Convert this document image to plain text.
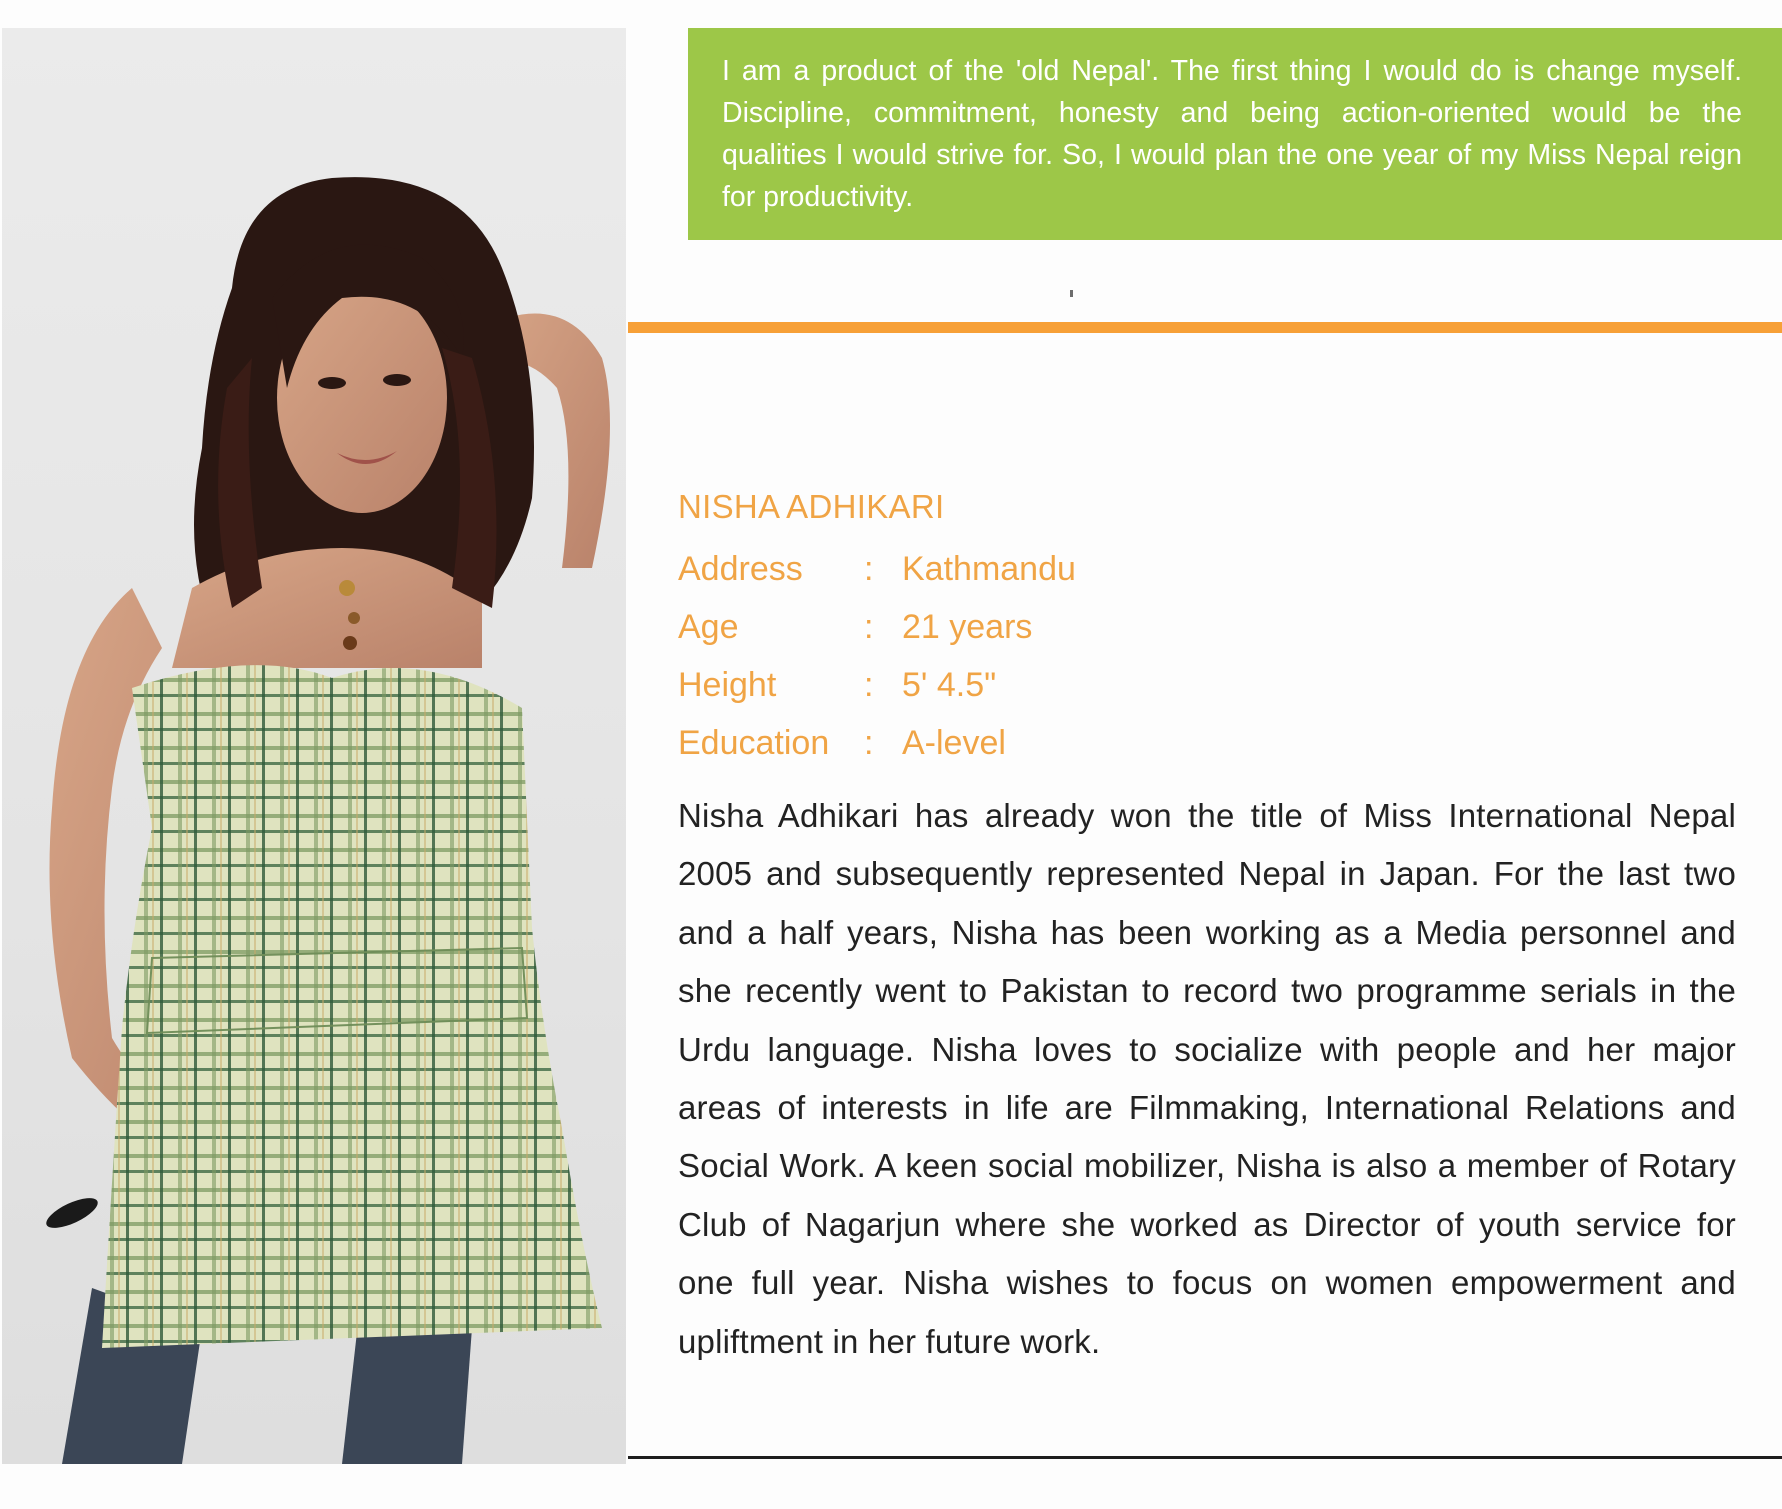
I am a product of the 'old Nepal'. The first thing I would do is change myself. Discipline, commitment, honesty and being action-oriented would be the qualities I would strive for. So, I would plan the one year of my Miss Nepal reign for productivity.

NISHA ADHIKARI
Address : Kathmandu
Age	: 21 years
Height	: 5' 4.5"
Education : A-level

Nisha Adhikari has already won the title of Miss International Nepal 2005 and subsequently represented Nepal in Japan. For the last two and a half years, Nisha has been working as a Media personnel and she recently went to Pakistan to record two programme serials in the Urdu language. Nisha loves to socialize with people and her major areas of interests in life are Filmmaking, International Relations and Social Work. A keen social mobilizer, Nisha is also a member of Rotary Club of Nagarjun where she worked as Director of youth service for one full year. Nisha wishes to focus on women empowerment and upliftment in her future work.
